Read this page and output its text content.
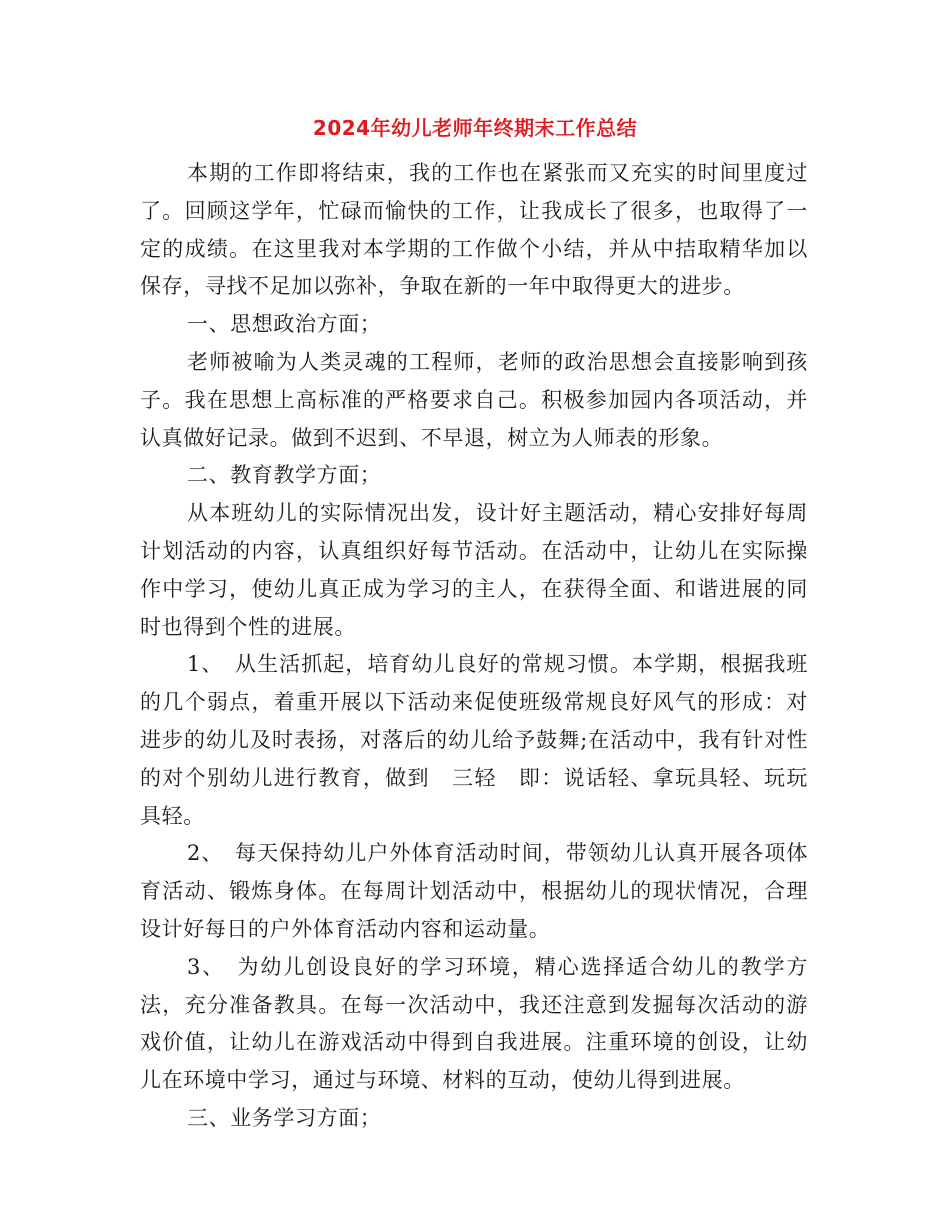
2024年幼儿老师年终期末工作总结

本期的工作即将结束，我的工作也在紧张而又充实的时间里度过了。回顾这学年，忙碌而愉快的工作，让我成长了很多，也取得了一定的成绩。在这里我对本学期的工作做个小结，并从中拮取精华加以保存，寻找不足加以弥补，争取在新的一年中取得更大的进步。

一、思想政治方面；

老师被喻为人类灵魂的工程师，老师的政治思想会直接影响到孩子。我在思想上高标准的严格要求自己。积极参加园内各项活动，并认真做好记录。做到不迟到、不早退，树立为人师表的形象。

二、教育教学方面；

从本班幼儿的实际情况出发，设计好主题活动，精心安排好每周计划活动的内容，认真组织好每节活动。在活动中，让幼儿在实际操作中学习，使幼儿真正成为学习的主人，在获得全面、和谐进展的同时也得到个性的进展。

1、　从生活抓起，培育幼儿良好的常规习惯。本学期，根据我班的几个弱点，着重开展以下活动来促使班级常规良好风气的形成：对进步的幼儿及时表扬，对落后的幼儿给予鼓舞;在活动中，我有针对性的对个别幼儿进行教育，做到　三轻　即：说话轻、拿玩具轻、玩玩具轻。

2、　每天保持幼儿户外体育活动时间，带领幼儿认真开展各项体育活动、锻炼身体。在每周计划活动中，根据幼儿的现状情况，合理设计好每日的户外体育活动内容和运动量。

3、　为幼儿创设良好的学习环境，精心选择适合幼儿的教学方法，充分准备教具。在每一次活动中，我还注意到发掘每次活动的游戏价值，让幼儿在游戏活动中得到自我进展。注重环境的创设，让幼儿在环境中学习，通过与环境、材料的互动，使幼儿得到进展。

三、业务学习方面；
